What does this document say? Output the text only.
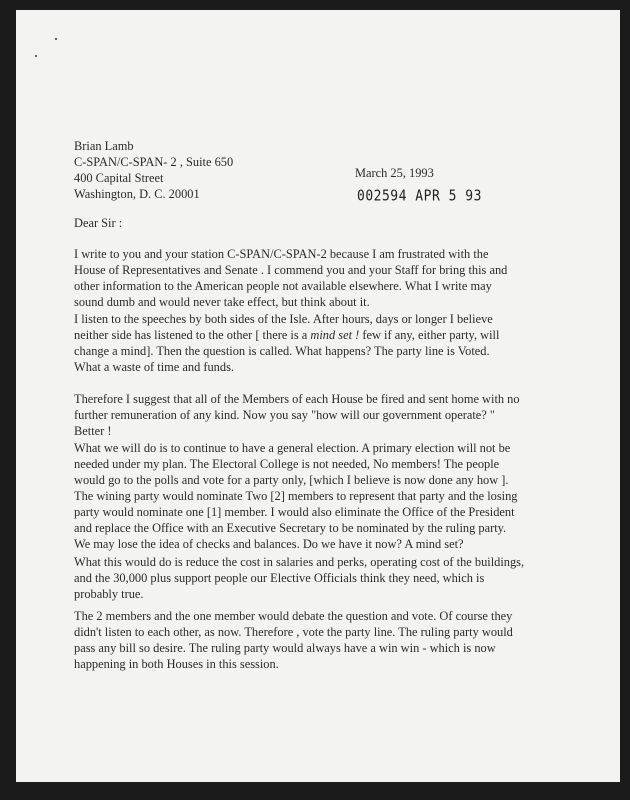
Brian Lamb
C-SPAN/C-SPAN- 2 , Suite 650
400 Capital Street
Washington, D. C. 20001
March 25, 1993
002594 APR 5 93
Dear Sir :
I write to you and your station C-SPAN/C-SPAN-2 because I am frustrated with the
House of Representatives and Senate . I commend you and your Staff for bring this and
other information to the American people not available elsewhere. What I write may
sound dumb and would never take effect, but think about it.
I listen to the speeches by both sides of the Isle. After hours, days or longer I believe
neither side has listened to the other [ there is a mind set ! few if any, either party, will
change a mind]. Then the question is called. What happens? The party line is Voted.
What a waste of time and funds.
Therefore I suggest that all of the Members of each House be fired and sent home with no
further remuneration of any kind. Now you say "how will our government operate? "
Better !
What we will do is to continue to have a general election. A primary election will not be
needed under my plan. The Electoral College is not needed, No members! The people
would go to the polls and vote for a party only, [which I believe is now done any how ].
The wining party would nominate Two [2] members to represent that party and the losing
party would nominate one [1] member. I would also eliminate the Office of the President
and replace the Office with an Executive Secretary to be nominated by the ruling party.
We may lose the idea of checks and balances. Do we have it now? A mind set?
What this would do is reduce the cost in salaries and perks, operating cost of the buildings,
and the 30,000 plus support people our Elective Officials think they need, which is
probably true.
The 2 members and the one member would debate the question and vote. Of course they
didn't listen to each other, as now. Therefore , vote the party line. The ruling party would
pass any bill so desire. The ruling party would always have a win win - which is now
happening in both Houses in this session.
